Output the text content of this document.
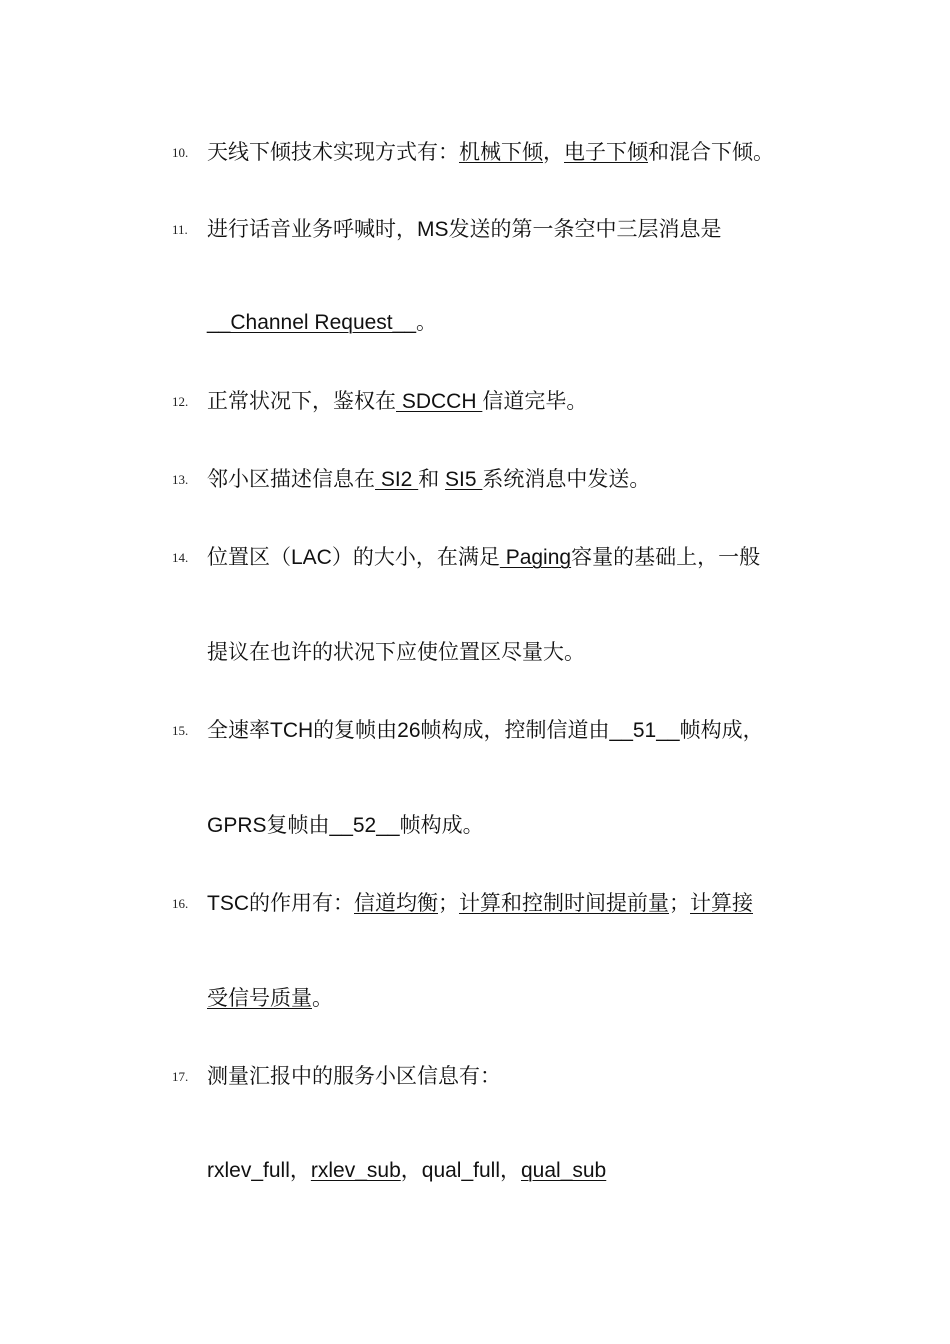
10. 天线下倾技术实现方式有：机械下倾，电子下倾和混合下倾。
11. 进行话音业务呼喊时，MS发送的第一条空中三层消息是
__Channel Request__。
12. 正常状况下，鉴权在 SDCCH 信道完毕。
13. 邻小区描述信息在 SI2 和 SI5 系统消息中发送。
14. 位置区（LAC）的大小，在满足 Paging容量的基础上，一般
提议在也许的状况下应使位置区尽量大。
15. 全速率TCH的复帧由26帧构成，控制信道由__51__帧构成，
GPRS复帧由__52__帧构成。
16. TSC的作用有：信道均衡；计算和控制时间提前量；计算接
受信号质量。
17. 测量汇报中的服务小区信息有：
rxlev_full，rxlev_sub，qual_full，qual_sub
